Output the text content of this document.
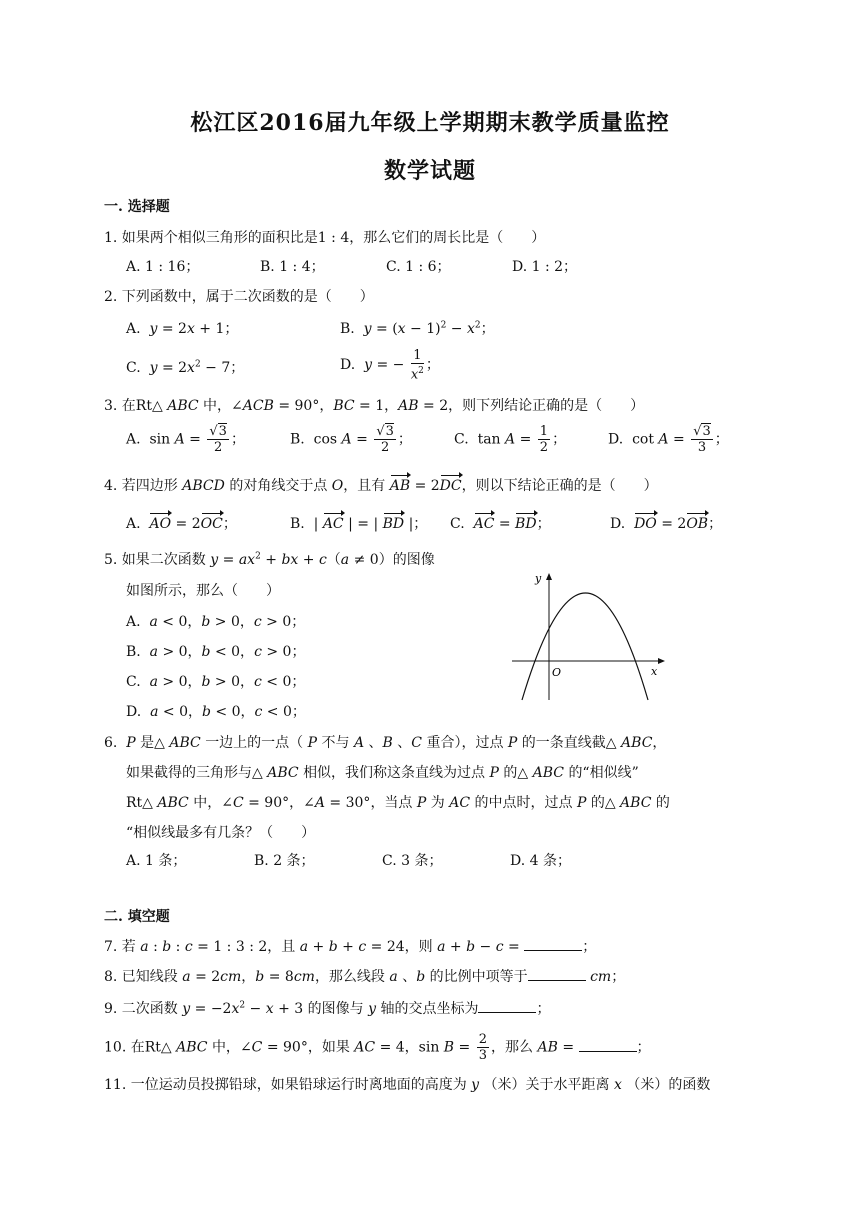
松江区2016届九年级上学期期末教学质量监控
数学试题
一. 选择题
1. 如果两个相似三角形的面积比是1 : 4，那么它们的周长比是（　　）
A. 1 : 16；	B. 1 : 4；	C. 1 : 6；	D. 1 : 2；
2. 下列函数中，属于二次函数的是（　　）
A.  y = 2x + 1；	B.  $y = (x - 1)^2 - x^2$；
C.  $y = 2x^2 - 7$；	D.  y = − $\frac{1}{x^2}$ ；
3. 在Rt△ ABC 中，∠ACB = 90°，BC = 1，AB = 2，则下列结论正确的是（　　）
A.  $\sin A = \frac{√3}{2}$ ；	B.  $\cos A = \frac{√3}{2}$ ；	C.  $\tan A = \frac{1}{2}$ ；	D.  $\cot A = \frac{√3}{3}$ ；
4. 若四边形 ABCD 的对角线交于点 O，且有 AB = 2DC，则以下结论正确的是（　　）
A.  AO = 2OC；	B.  | AC | = | BD |； C.  AC = BD；	D.  DO = 2OB；
5. 如果二次函数 $y = ax^2$ + bx + c（a ≠ 0）的图像
如图所示，那么（　　）
A.  a < 0，b > 0，c > 0；
B.  a > 0，b < 0，c > 0；
C.  a > 0，b > 0，c < 0；
D.  a < 0，b < 0，c < 0；
y
x
O
6.  P 是△ ABC 一边上的一点（ P 不与 A 、B 、C 重合），过点 P 的一条直线截△ ABC，
如果截得的三角形与△ ABC 相似，我们称这条直线为过点 P 的△ ABC 的“相似线”
Rt△ ABC 中，∠C = 90°，∠A = 30°，当点 P 为 AC 的中点时，过点 P 的△ ABC 的
“相似线最多有几条？（　　）
A. 1 条；	B. 2 条；	C. 3 条；	D. 4 条；
二. 填空题
7. 若 a : b : c = 1 : 3 : 2，且 a + b + c = 24，则 a + b − c =	；
8. 已知线段 a = 2cm，b = 8cm，那么线段 a 、b 的比例中项等于	cm；
9. 二次函数 $y = -2x^2 - x + 3$ 的图像与 y 轴的交点坐标为	；
10. 在Rt△ ABC 中，∠C = 90°，如果 AC = 4，$\sin B = \frac{2}{3}$ ，那么 AB =	；
11. 一位运动员投掷铅球，如果铅球运行时离地面的高度为 y （米）关于水平距离 x （米）的函数
